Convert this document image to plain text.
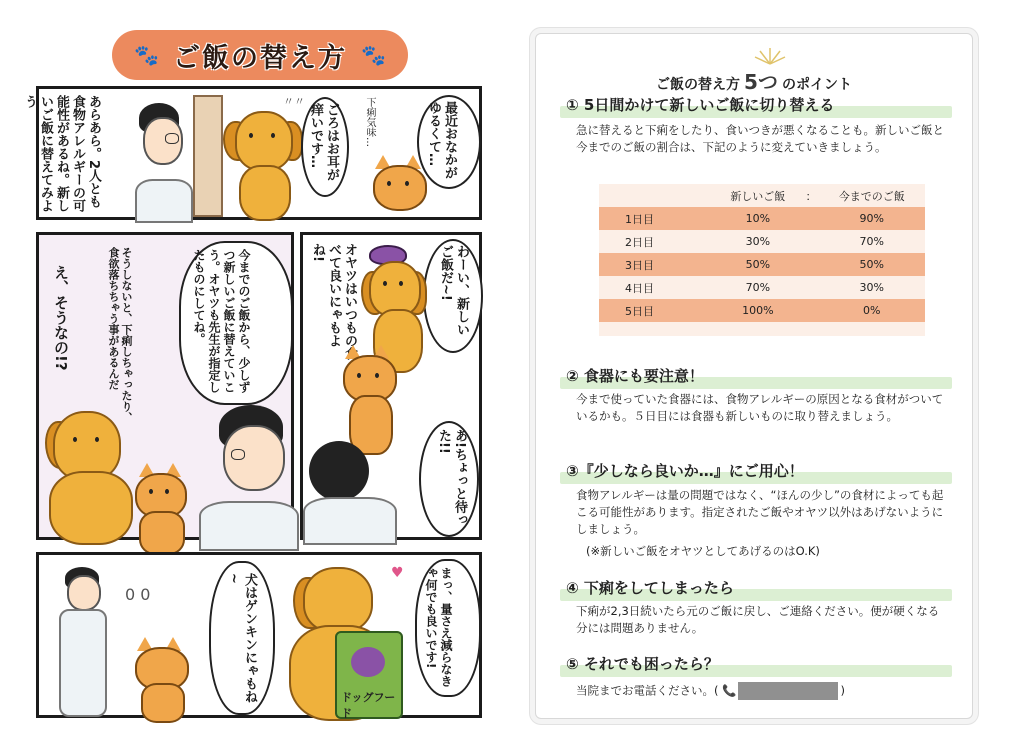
🐾 ご飯の替え方 🐾
あらあら。2人とも食物アレルギーの可能性があるね。新しいご飯に替えてみよう	〃〃
ごろはお耳が痒いです…	下痢気味…	最近おなかがゆるくて…
え、そうなの!?	そうしないと、下痢しちゃったり、食欲落ちちゃう事があるんだ	今までのご飯から、少しずつ新しいご飯に替えていこう。オヤツも先生が指定したものにしてね。	わーい、新しいご飯だ~!
オヤツはいつもの食べて良いにゃもよね!
あ!ちょっと待った!!
0 0	犬はゲンキンにゃもね~	♥
ドッグフード
まっ、量さえ減らなきゃ何でも良いです!
ご飯の替え方 5つ のポイント
① 5日間かけて新しいご飯に切り替える
急に替えると下痢をしたり、食いつきが悪くなることも。新しいご飯と今までのご飯の割合は、下記のように変えていきましょう。
	新しいご飯	：	今までのご飯
1日目	10%		90%
2日目	30%		70%
3日目	50%		50%
4日目	70%		30%
5日目	100%		0%

② 食器にも要注意！
今まで使っていた食器には、食物アレルギーの原因となる食材がついているかも。５日目には食器も新しいものに取り替えましょう。
③『少しなら良いか…』にご用心！
食物アレルギーは量の問題ではなく、“ほんの少し”の食材によっても起こる可能性があります。指定されたご飯やオヤツ以外はあげないようにしましょう。
(※新しいご飯をオヤツとしてあげるのはO.K)
④ 下痢をしてしまったら
下痢が2,3日続いたら元のご飯に戻し、ご連絡ください。便が硬くなる分には問題ありません。
⑤ それでも困ったら？
当院までお電話ください。( 📞	)
